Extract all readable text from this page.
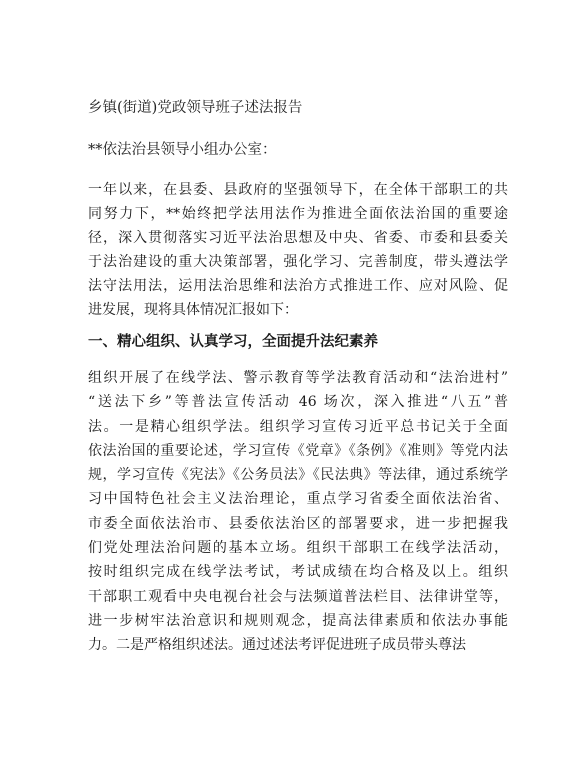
乡镇(街道)党政领导班子述法报告

**依法治县领导小组办公室：

一年以来，在县委、县政府的坚强领导下，在全体干部职工的共
同努力下，**始终把学法用法作为推进全面依法治国的重要途
径，深入贯彻落实习近平法治思想及中央、省委、市委和县委关
于法治建设的重大决策部署，强化学习、完善制度，带头遵法学
法守法用法，运用法治思维和法治方式推进工作、应对风险、促
进发展，现将具体情况汇报如下：

一、精心组织、认真学习，全面提升法纪素养

组织开展了在线学法、警示教育等学法教育活动和“法治进村”
“送法下乡”等普法宣传活动 46 场次，深入推进“八五”普
法。一是精心组织学法。组织学习宣传习近平总书记关于全面
依法治国的重要论述，学习宣传《党章》《条例》《准则》等党内法
规，学习宣传《宪法》《公务员法》《民法典》等法律，通过系统学
习中国特色社会主义法治理论，重点学习省委全面依法治省、
市委全面依法治市、县委依法治区的部署要求，进一步把握我
们党处理法治问题的基本立场。组织干部职工在线学法活动，
按时组织完成在线学法考试，考试成绩在均合格及以上。组织
干部职工观看中央电视台社会与法频道普法栏目、法律讲堂等，
进一步树牢法治意识和规则观念，提高法律素质和依法办事能
力。二是严格组织述法。通过述法考评促进班子成员带头尊法
